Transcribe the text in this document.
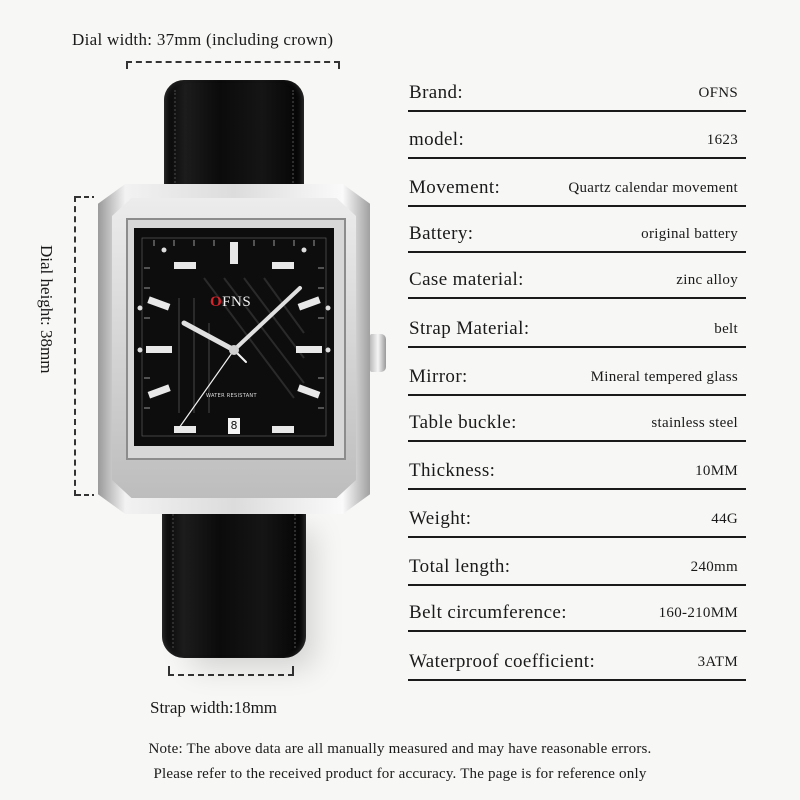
Dial width: 37mm (including crown)
Dial height: 38mm
Strap width:18mm
OFNS
WATER RESISTANT
8
Brand:	OFNS
model:	1623
Movement:	Quartz calendar movement
Battery:	original battery
Case material:	zinc alloy
Strap Material:	belt
Mirror:	Mineral tempered glass
Table buckle:	stainless steel
Thickness:	10MM
Weight:	44G
Total length:	240mm
Belt circumference:	160-210MM
Waterproof coefficient:	3ATM
Note: The above data are all manually measured and may have reasonable errors.
Please refer to the received product for accuracy. The page is for reference only
